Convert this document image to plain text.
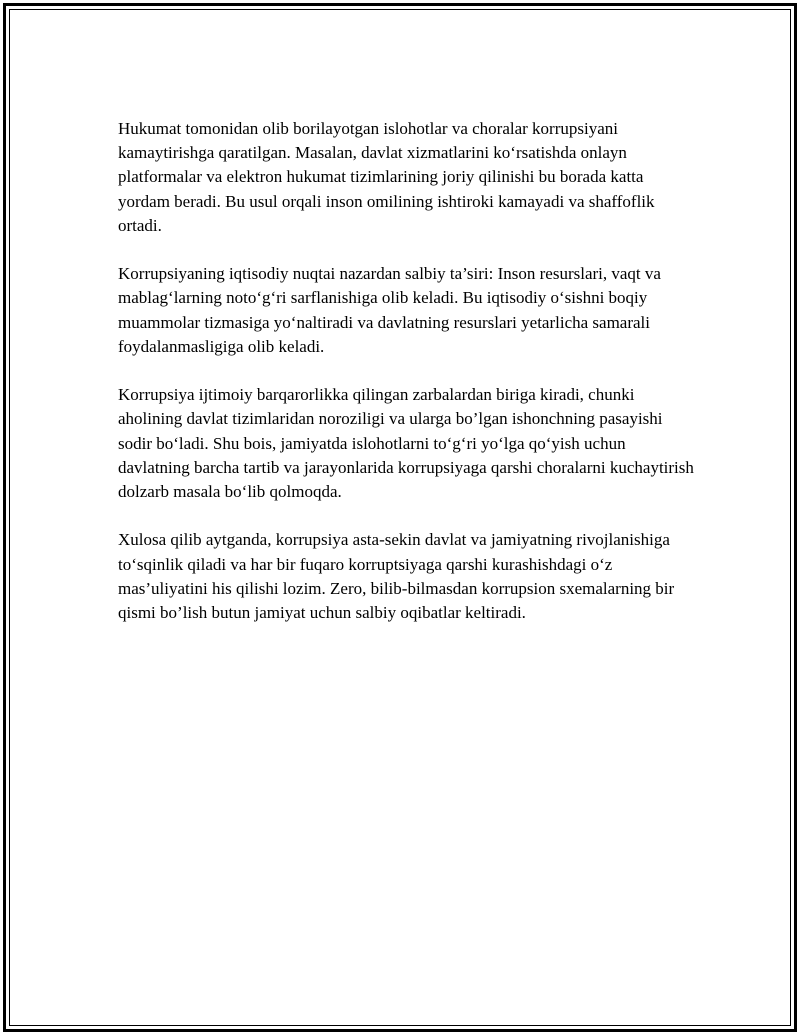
Hukumat tomonidan olib borilayotgan islohotlar va choralar korrupsiyani kamaytirishga qaratilgan. Masalan, davlat xizmatlarini koʻrsatishda onlayn platformalar va elektron hukumat tizimlarining joriy qilinishi bu borada katta yordam beradi. Bu usul orqali inson omilining ishtiroki kamayadi va shaffoflik ortadi.

Korrupsiyaning iqtisodiy nuqtai nazardan salbiy ta’siri: Inson resurslari, vaqt va mablagʻlarning notoʻgʻri sarflanishiga olib keladi. Bu iqtisodiy oʻsishni boqiy muammolar tizmasiga yoʻnaltiradi va davlatning resurslari yetarlicha samarali foydalanmasligiga olib keladi.

Korrupsiya ijtimoiy barqarorlikka qilingan zarbalardan biriga kiradi, chunki aholining davlat tizimlaridan noroziligi va ularga bo’lgan ishonchning pasayishi sodir boʻladi. Shu bois, jamiyatda islohotlarni toʻgʻri yoʻlga qoʻyish uchun davlatning barcha tartib va jarayonlarida korrupsiyaga qarshi choralarni kuchaytirish dolzarb masala boʻlib qolmoqda.

Xulosa qilib aytganda, korrupsiya asta-sekin davlat va jamiyatning rivojlanishiga toʻsqinlik qiladi va har bir fuqaro korruptsiyaga qarshi kurashishdagi oʻz mas’uliyatini his qilishi lozim. Zero, bilib-bilmasdan korrupsion sxemalarning bir qismi bo’lish butun jamiyat uchun salbiy oqibatlar keltiradi.
